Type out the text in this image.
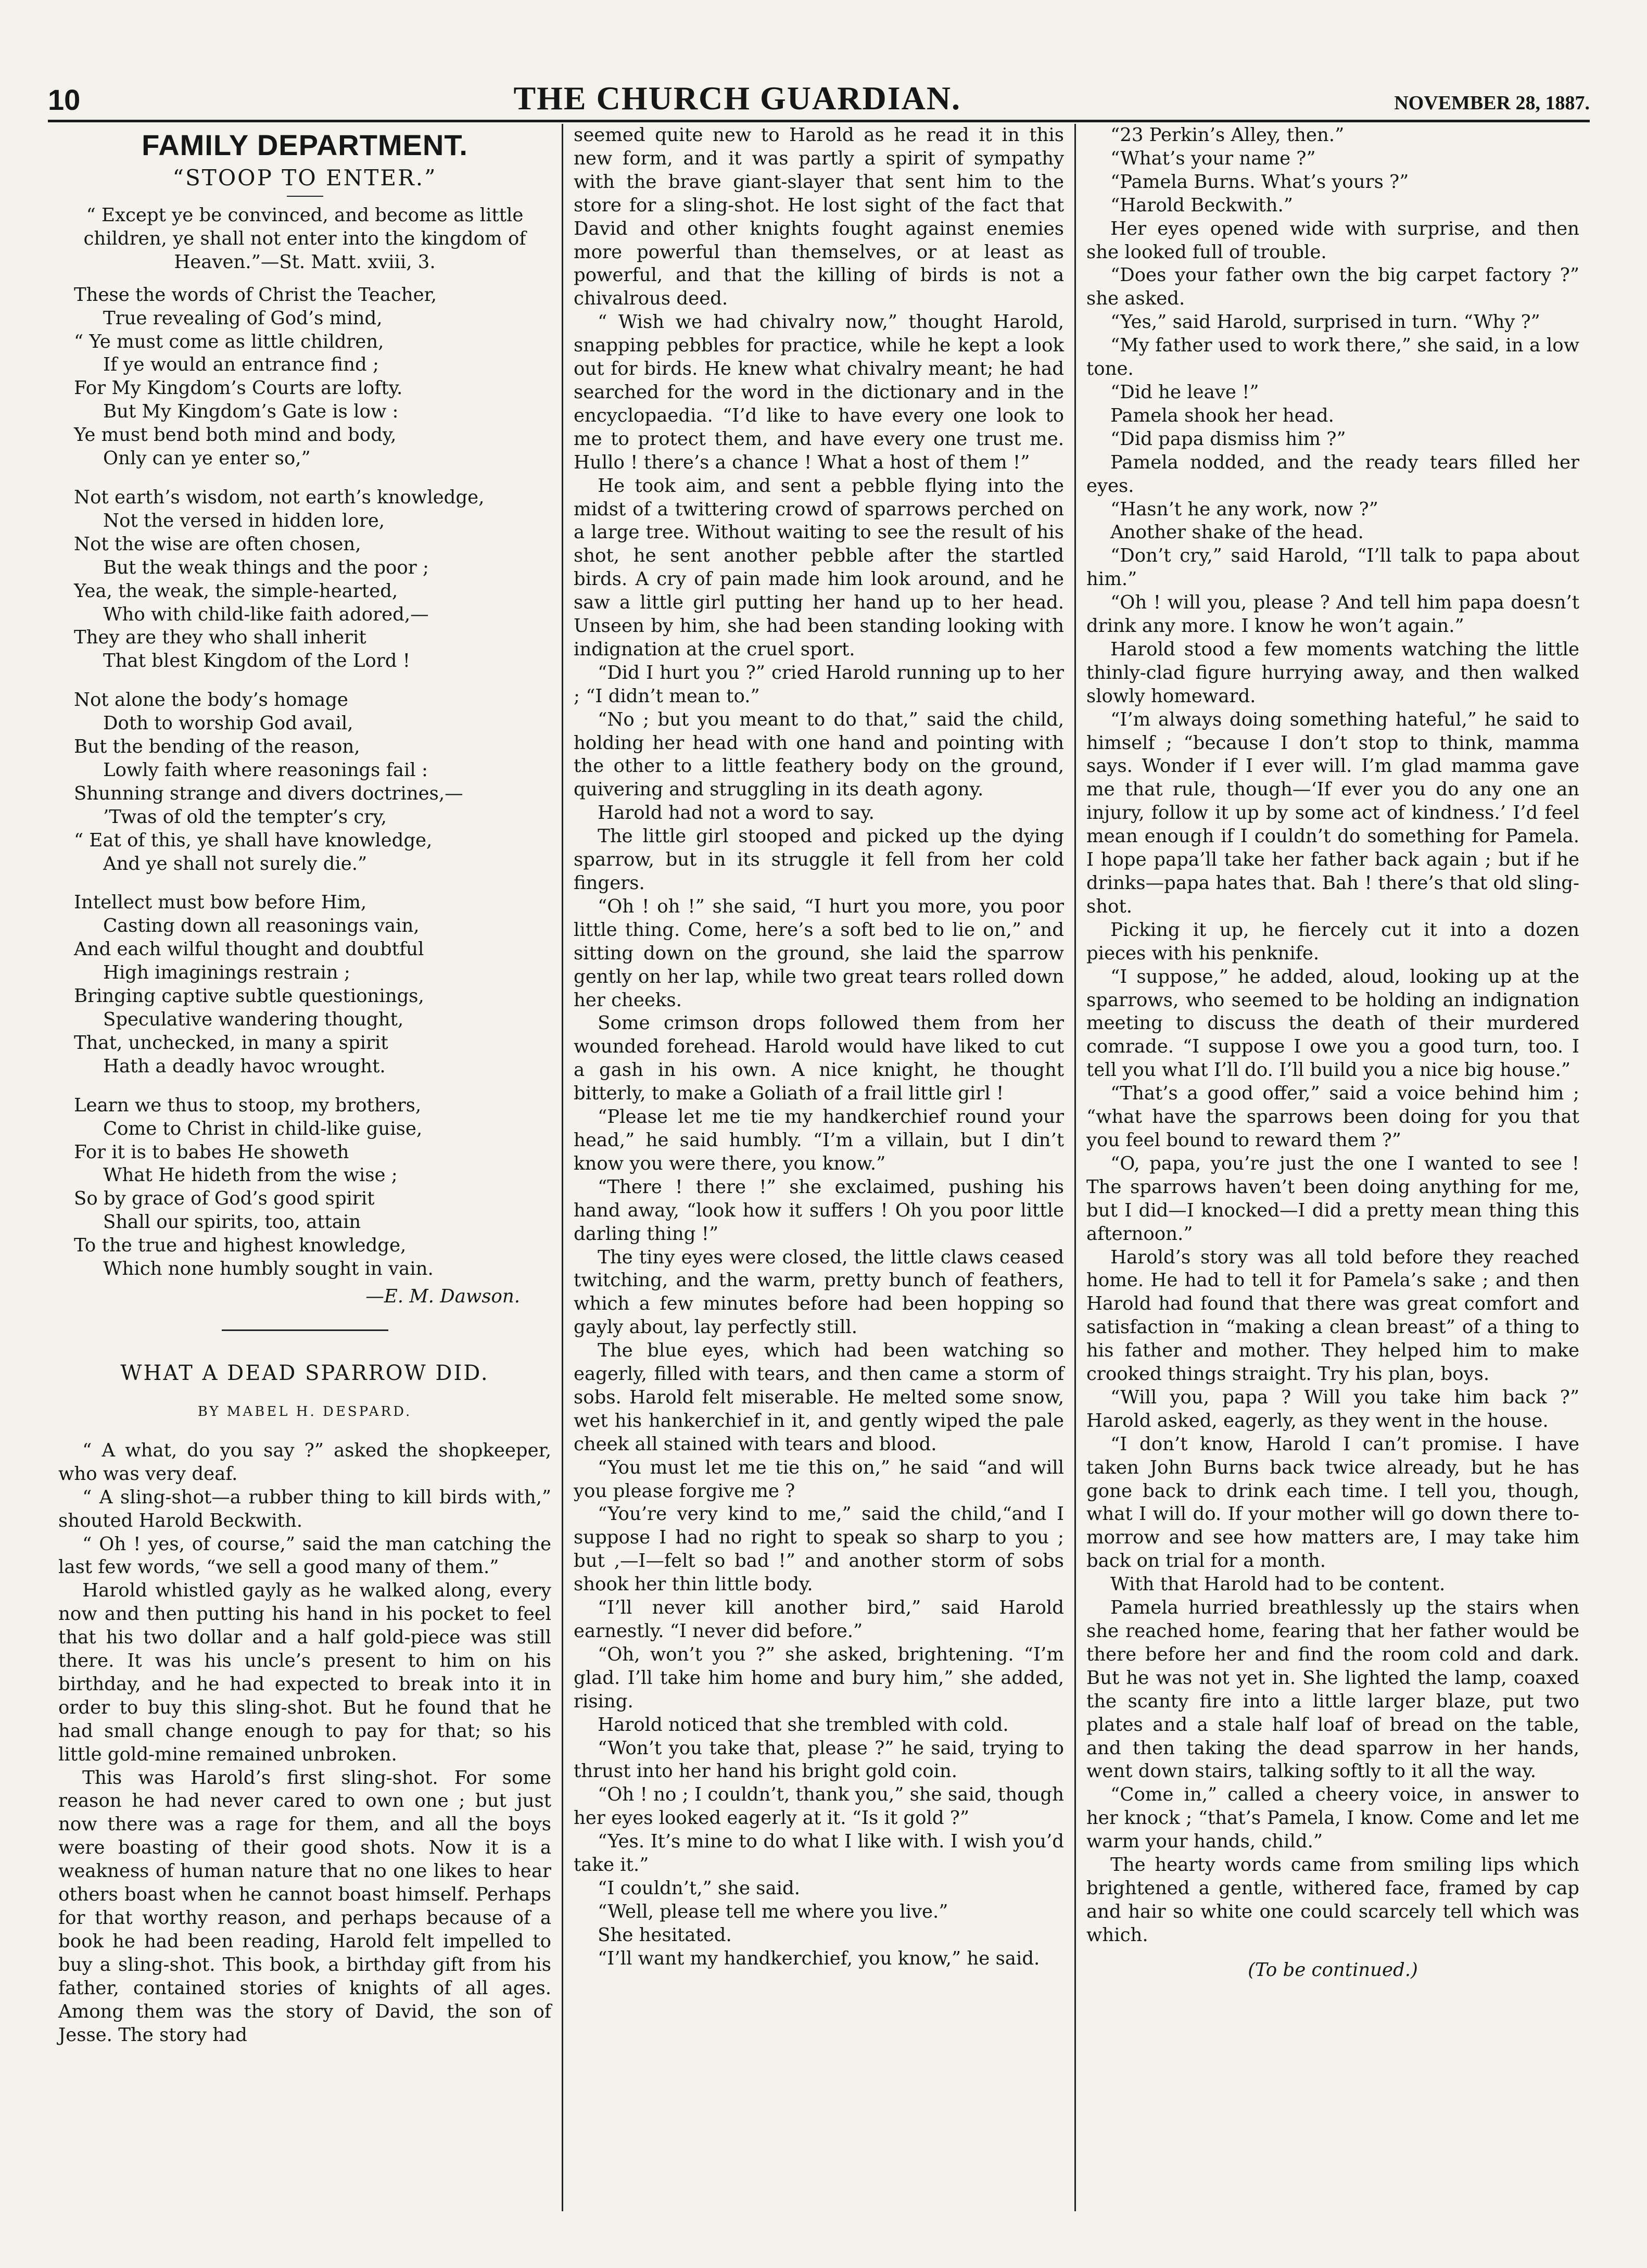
10	THE CHURCH GUARDIAN.	NOVEMBER 28, 1887.
FAMILY DEPARTMENT.
“STOOP TO ENTER.”
“ Except ye be convinced, and become as little children, ye shall not enter into the kingdom of Heaven.”—St. Matt. xviii, 3.
These the words of Christ the Teacher,
True revealing of God’s mind,
“ Ye must come as little children,
If ye would an entrance find ;
For My Kingdom’s Courts are lofty.
But My Kingdom’s Gate is low :
Ye must bend both mind and body,
Only can ye enter so,”
Not earth’s wisdom, not earth’s knowledge,
Not the versed in hidden lore,
Not the wise are often chosen,
But the weak things and the poor ;
Yea, the weak, the simple-hearted,
Who with child-like faith adored,—
They are they who shall inherit
That blest Kingdom of the Lord !
Not alone the body’s homage
Doth to worship God avail,
But the bending of the reason,
Lowly faith where reasonings fail :
Shunning strange and divers doctrines,—
’Twas of old the tempter’s cry,
“ Eat of this, ye shall have knowledge,
And ye shall not surely die.”
Intellect must bow before Him,
Casting down all reasonings vain,
And each wilful thought and doubtful
High imaginings restrain ;
Bringing captive subtle questionings,
Speculative wandering thought,
That, unchecked, in many a spirit
Hath a deadly havoc wrought.
Learn we thus to stoop, my brothers,
Come to Christ in child-like guise,
For it is to babes He showeth
What He hideth from the wise ;
So by grace of God’s good spirit
Shall our spirits, too, attain
To the true and highest knowledge,
Which none humbly sought in vain.
—E. M. Dawson.
WHAT A DEAD SPARROW DID.
BY MABEL H. DESPARD.

“ A what, do you say ?” asked the shopkeeper, who was very deaf.

“ A sling-shot—a rubber thing to kill birds with,” shouted Harold Beckwith.

“ Oh ! yes, of course,” said the man catching the last few words, “we sell a good many of them.”

Harold whistled gayly as he walked along, every now and then putting his hand in his pocket to feel that his two dollar and a half gold-piece was still there. It was his uncle’s present to him on his birthday, and he had expected to break into it in order to buy this sling-shot. But he found that he had small change enough to pay for that; so his little gold-mine remained unbroken.

This was Harold’s first sling-shot. For some reason he had never cared to own one ; but just now there was a rage for them, and all the boys were boasting of their good shots. Now it is a weakness of human nature that no one likes to hear others boast when he cannot boast himself. Perhaps for that worthy reason, and perhaps because of a book he had been reading, Harold felt impelled to buy a sling-shot. This book, a birthday gift from his father, contained stories of knights of all ages. Among them was the story of David, the son of Jesse. The story had

seemed quite new to Harold as he read it in this new form, and it was partly a spirit of sympathy with the brave giant-slayer that sent him to the store for a sling-shot. He lost sight of the fact that David and other knights fought against enemies more powerful than themselves, or at least as powerful, and that the killing of birds is not a chivalrous deed.

“ Wish we had chivalry now,” thought Harold, snapping pebbles for practice, while he kept a look out for birds. He knew what chivalry meant; he had searched for the word in the dictionary and in the encyclopaedia. “I’d like to have every one look to me to protect them, and have every one trust me. Hullo ! there’s a chance ! What a host of them !”

He took aim, and sent a pebble flying into the midst of a twittering crowd of sparrows perched on a large tree. Without waiting to see the result of his shot, he sent another pebble after the startled birds. A cry of pain made him look around, and he saw a little girl putting her hand up to her head. Unseen by him, she had been standing looking with indignation at the cruel sport.

“Did I hurt you ?” cried Harold running up to her ; “I didn’t mean to.”

“No ; but you meant to do that,” said the child, holding her head with one hand and pointing with the other to a little feathery body on the ground, quivering and struggling in its death agony.

Harold had not a word to say.

The little girl stooped and picked up the dying sparrow, but in its struggle it fell from her cold fingers.

“Oh ! oh !” she said, “I hurt you more, you poor little thing. Come, here’s a soft bed to lie on,” and sitting down on the ground, she laid the sparrow gently on her lap, while two great tears rolled down her cheeks.

Some crimson drops followed them from her wounded forehead. Harold would have liked to cut a gash in his own. A nice knight, he thought bitterly, to make a Goliath of a frail little girl !

“Please let me tie my handkerchief round your head,” he said humbly. “I’m a villain, but I din’t know you were there, you know.”

“There ! there !” she exclaimed, pushing his hand away, “look how it suffers ! Oh you poor little darling thing !”

The tiny eyes were closed, the little claws ceased twitching, and the warm, pretty bunch of feathers, which a few minutes before had been hopping so gayly about, lay perfectly still.

The blue eyes, which had been watching so eagerly, filled with tears, and then came a storm of sobs. Harold felt miserable. He melted some snow, wet his hankerchief in it, and gently wiped the pale cheek all stained with tears and blood.

“You must let me tie this on,” he said “and will you please forgive me ?

“You’re very kind to me,” said the child,“and I suppose I had no right to speak so sharp to you ; but ,—I—felt so bad !” and another storm of sobs shook her thin little body.

“I’ll never kill another bird,” said Harold earnestly. “I never did before.”

“Oh, won’t you ?” she asked, brightening. “I’m glad. I’ll take him home and bury him,” she added, rising.

Harold noticed that she trembled with cold.

“Won’t you take that, please ?” he said, trying to thrust into her hand his bright gold coin.

“Oh ! no ; I couldn’t, thank you,” she said, though her eyes looked eagerly at it. “Is it gold ?”

“Yes. It’s mine to do what I like with. I wish you’d take it.”

“I couldn’t,” she said.

“Well, please tell me where you live.”

She hesitated.

“I’ll want my handkerchief, you know,” he said.

“23 Perkin’s Alley, then.”

“What’s your name ?”

“Pamela Burns. What’s yours ?”

“Harold Beckwith.”

Her eyes opened wide with surprise, and then she looked full of trouble.

“Does your father own the big carpet factory ?” she asked.

“Yes,” said Harold, surprised in turn. “Why ?”

“My father used to work there,” she said, in a low tone.

“Did he leave !”

Pamela shook her head.

“Did papa dismiss him ?”

Pamela nodded, and the ready tears filled her eyes.

“Hasn’t he any work, now ?”

Another shake of the head.

“Don’t cry,” said Harold, “I’ll talk to papa about him.”

“Oh ! will you, please ? And tell him papa doesn’t drink any more. I know he won’t again.”

Harold stood a few moments watching the little thinly-clad figure hurrying away, and then walked slowly homeward.

“I’m always doing something hateful,” he said to himself ; “because I don’t stop to think, mamma says. Wonder if I ever will. I’m glad mamma gave me that rule, though—‘If ever you do any one an injury, follow it up by some act of kindness.’ I’d feel mean enough if I couldn’t do something for Pamela. I hope papa’ll take her father back again ; but if he drinks—papa hates that. Bah ! there’s that old sling-shot.

Picking it up, he fiercely cut it into a dozen pieces with his penknife.

“I suppose,” he added, aloud, looking up at the sparrows, who seemed to be holding an indignation meeting to discuss the death of their murdered comrade. “I suppose I owe you a good turn, too. I tell you what I’ll do. I’ll build you a nice big house.”

“That’s a good offer,” said a voice behind him ; “what have the sparrows been doing for you that you feel bound to reward them ?”

“O, papa, you’re just the one I wanted to see ! The sparrows haven’t been doing anything for me, but I did—I knocked—I did a pretty mean thing this afternoon.”

Harold’s story was all told before they reached home. He had to tell it for Pamela’s sake ; and then Harold had found that there was great comfort and satisfaction in “making a clean breast” of a thing to his father and mother. They helped him to make crooked things straight. Try his plan, boys.

“Will you, papa ? Will you take him back ?” Harold asked, eagerly, as they went in the house.

“I don’t know, Harold I can’t promise. I have taken John Burns back twice already, but he has gone back to drink each time. I tell you, though, what I will do. If your mother will go down there to-morrow and see how matters are, I may take him back on trial for a month.

With that Harold had to be content.

Pamela hurried breathlessly up the stairs when she reached home, fearing that her father would be there before her and find the room cold and dark. But he was not yet in. She lighted the lamp, coaxed the scanty fire into a little larger blaze, put two plates and a stale half loaf of bread on the table, and then taking the dead sparrow in her hands, went down stairs, talking softly to it all the way.

“Come in,” called a cheery voice, in answer to her knock ; “that’s Pamela, I know. Come and let me warm your hands, child.”

The hearty words came from smiling lips which brightened a gentle, withered face, framed by cap and hair so white one could scarcely tell which was which.

(To be continued.)
